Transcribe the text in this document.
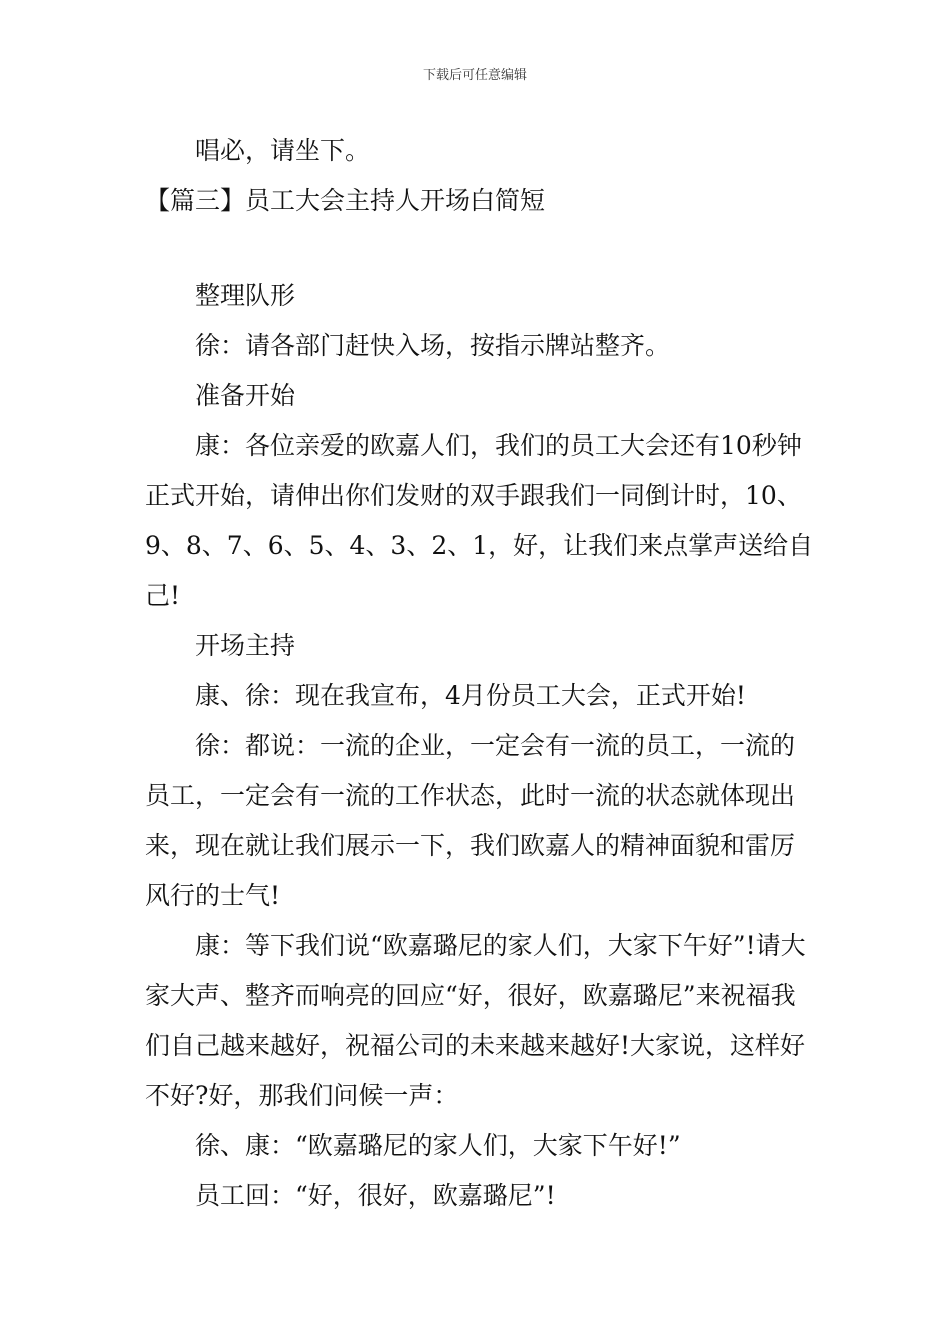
下载后可任意编辑

唱必，请坐下。

【篇三】员工大会主持人开场白简短

整理队形

徐：请各部门赶快入场，按指示牌站整齐。

准备开始

康：各位亲爱的欧嘉人们，我们的员工大会还有10秒钟正式开始，请伸出你们发财的双手跟我们一同倒计时，10、9、8、7、6、5、4、3、2、1，好，让我们来点掌声送给自己!

开场主持

康、徐：现在我宣布，4月份员工大会，正式开始!

徐：都说：一流的企业，一定会有一流的员工，一流的员工，一定会有一流的工作状态，此时一流的状态就体现出来，现在就让我们展示一下，我们欧嘉人的精神面貌和雷厉风行的士气!

康：等下我们说“欧嘉璐尼的家人们，大家下午好”!请大家大声、整齐而响亮的回应“好，很好，欧嘉璐尼”来祝福我们自己越来越好，祝福公司的未来越来越好!大家说，这样好不好?好，那我们问候一声：

徐、康：“欧嘉璐尼的家人们，大家下午好!”

员工回：“好，很好，欧嘉璐尼”!
